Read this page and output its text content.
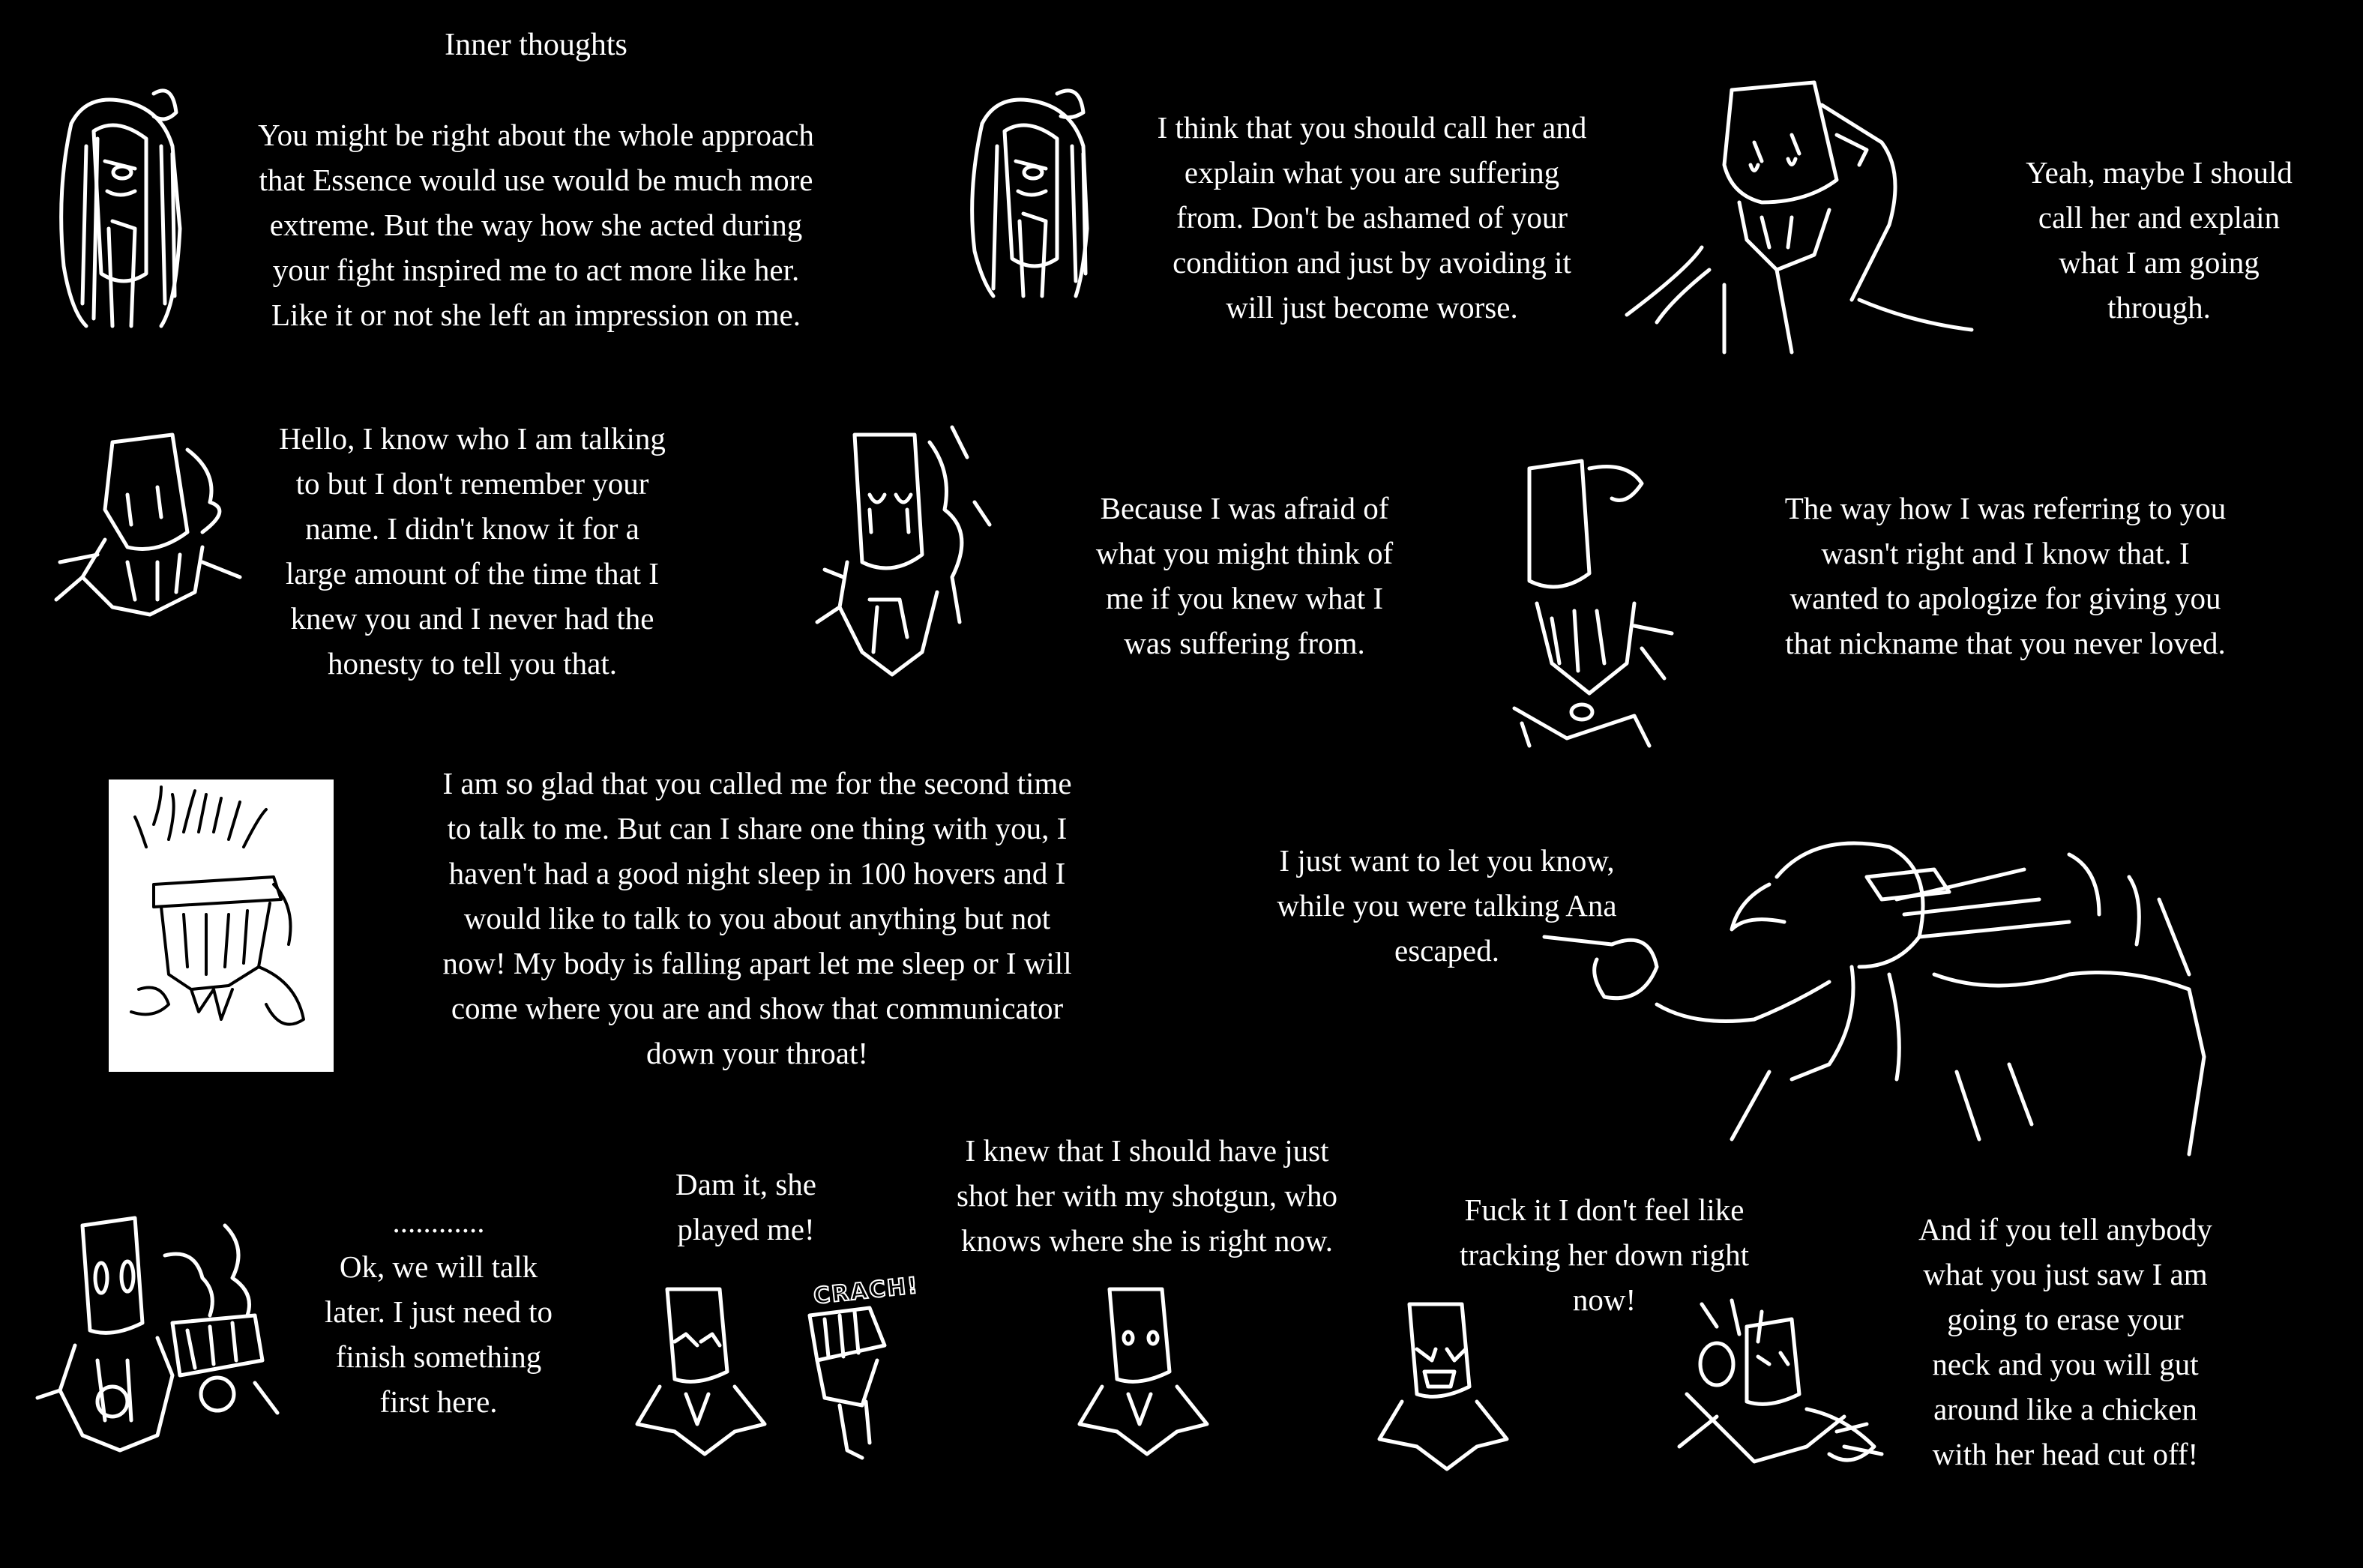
Inner thoughts
You might be right about the whole approach
that Essence would use would be much more
extreme. But the way how she acted during
your fight inspired me to act more like her.
Like it or not she left an impression on me.
I think that you should call her and
explain what you are suffering
from. Don't be ashamed of your
condition and just by avoiding it
will just become worse.
Yeah, maybe I should
call her and explain
what I am going
through.
Hello, I know who I am talking
to but I don't remember your
name. I didn't know it for a
large amount of the time that I
knew you and I never had the
honesty to tell you that.
Because I was afraid of
what you might think of
me if you knew what I
was suffering from.
The way how I was referring to you
wasn't right and I know that. I
wanted to apologize for giving you
that nickname that you never loved.
I am so glad that you called me for the second time
to talk to me. But can I share one thing with you, I
haven't had a good night sleep in 100 hovers and I
would like to talk to you about anything but not
now! My body is falling apart let me sleep or I will
come where you are and show that communicator
down your throat!
I just want to let you know,
while you were talking Ana
escaped.
............
Ok, we will talk
later. I just need to
finish something
first here.
Dam it, she
played me!
I knew that I should have just
shot her with my shotgun, who
knows where she is right now.
Fuck it I don't feel like
tracking her down right
now!
And if you tell anybody
what you just saw I am
going to erase your
neck and you will gut
around like a chicken
with her head cut off!
CRACH!
